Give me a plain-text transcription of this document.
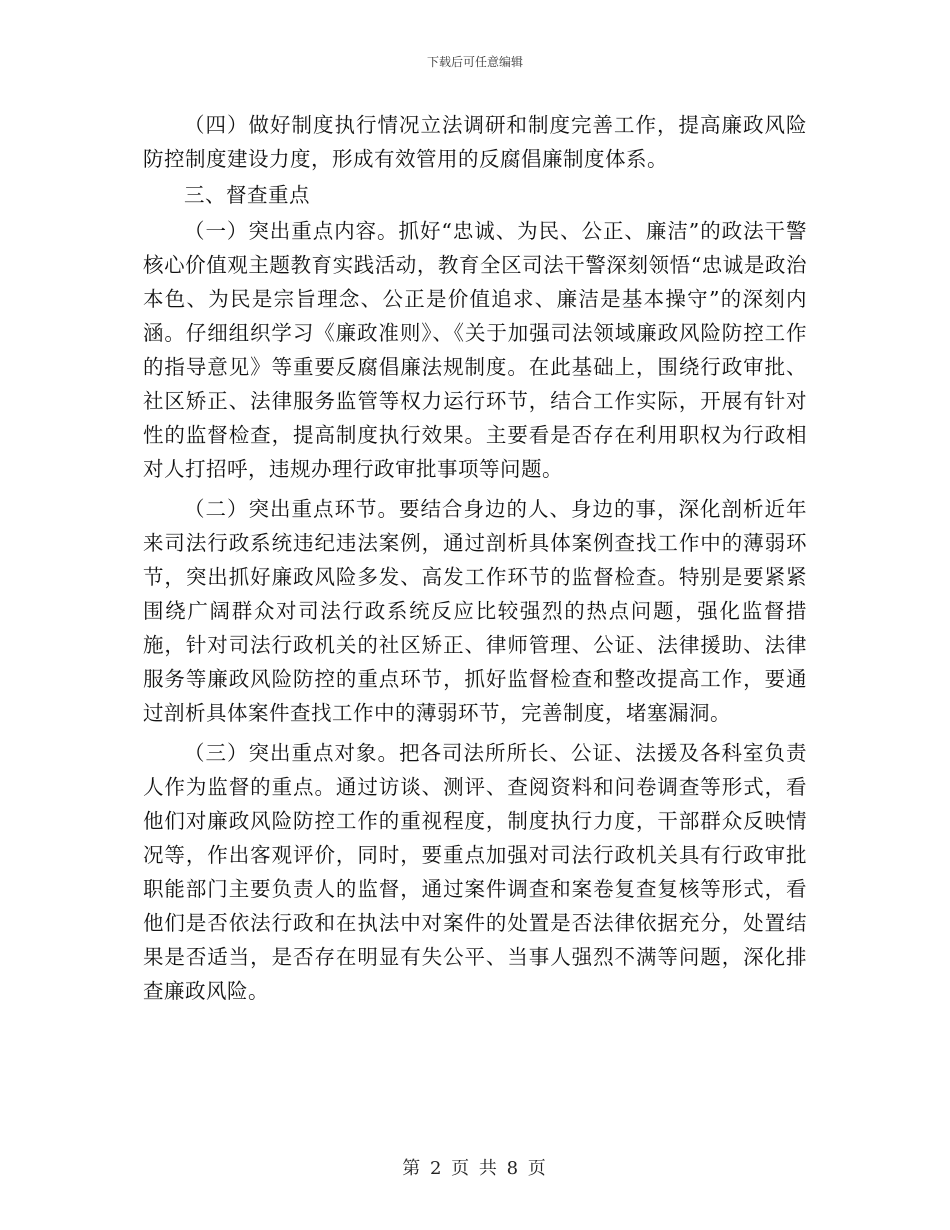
下载后可任意编辑

（四）做好制度执行情况立法调研和制度完善工作，提高廉政风险防控制度建设力度，形成有效管用的反腐倡廉制度体系。

三、督查重点

（一）突出重点内容。抓好“忠诚、为民、公正、廉洁”的政法干警核心价值观主题教育实践活动，教育全区司法干警深刻领悟“忠诚是政治本色、为民是宗旨理念、公正是价值追求、廉洁是基本操守”的深刻内涵。仔细组织学习《廉政准则》、《关于加强司法领域廉政风险防控工作的指导意见》等重要反腐倡廉法规制度。在此基础上，围绕行政审批、社区矫正、法律服务监管等权力运行环节，结合工作实际，开展有针对性的监督检查，提高制度执行效果。主要看是否存在利用职权为行政相对人打招呼，违规办理行政审批事项等问题。

（二）突出重点环节。要结合身边的人、身边的事，深化剖析近年来司法行政系统违纪违法案例，通过剖析具体案例查找工作中的薄弱环节，突出抓好廉政风险多发、高发工作环节的监督检查。特别是要紧紧围绕广阔群众对司法行政系统反应比较强烈的热点问题，强化监督措施，针对司法行政机关的社区矫正、律师管理、公证、法律援助、法律服务等廉政风险防控的重点环节，抓好监督检查和整改提高工作，要通过剖析具体案件查找工作中的薄弱环节，完善制度，堵塞漏洞。

（三）突出重点对象。把各司法所所长、公证、法援及各科室负责人作为监督的重点。通过访谈、测评、查阅资料和问卷调查等形式，看他们对廉政风险防控工作的重视程度，制度执行力度，干部群众反映情况等，作出客观评价，同时，要重点加强对司法行政机关具有行政审批职能部门主要负责人的监督，通过案件调查和案卷复查复核等形式，看他们是否依法行政和在执法中对案件的处置是否法律依据充分，处置结果是否适当，是否存在明显有失公平、当事人强烈不满等问题，深化排查廉政风险。

第 2 页 共 8 页
